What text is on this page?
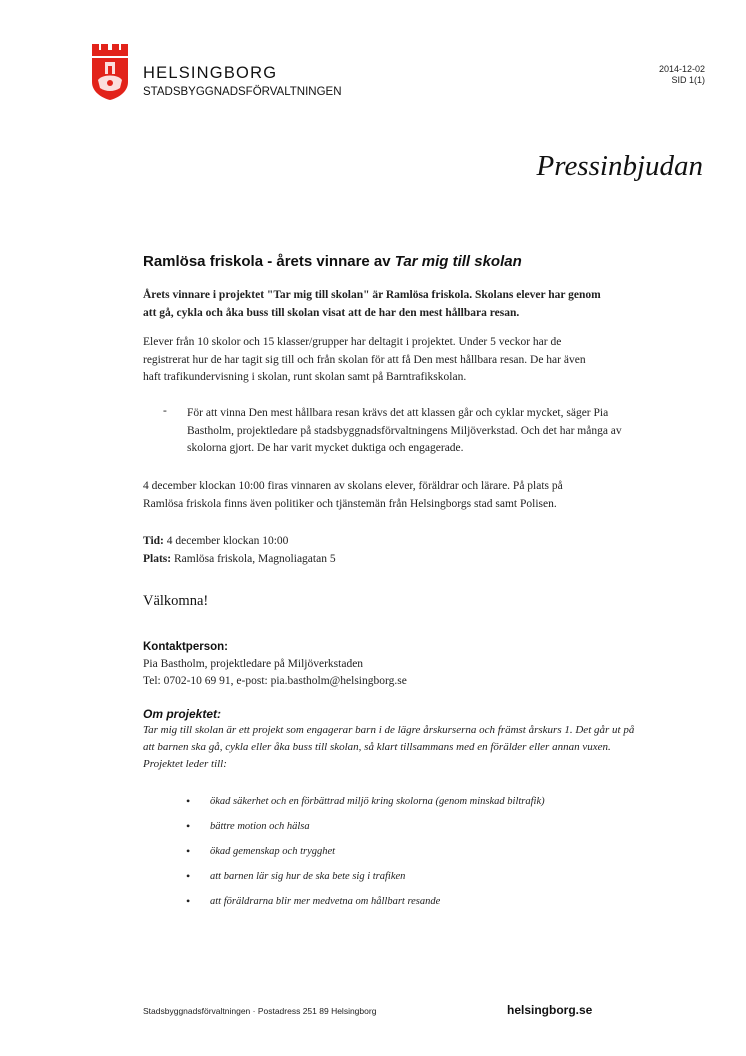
HELSINGBORG
STADSBYGGNADSFÖRVALTNINGEN
2014-12-02
SID 1(1)
Pressinbjudan
Ramlösa friskola - årets vinnare av Tar mig till skolan
Årets vinnare i projektet "Tar mig till skolan" är Ramlösa friskola. Skolans elever har genom att gå, cykla och åka buss till skolan visat att de har den mest hållbara resan.
Elever från 10 skolor och 15 klasser/grupper har deltagit i projektet. Under 5 veckor har de registrerat hur de har tagit sig till och från skolan för att få Den mest hållbara resan. De har även haft trafikundervisning i skolan, runt skolan samt på Barntrafikskolan.
- För att vinna Den mest hållbara resan krävs det att klassen går och cyklar mycket, säger Pia Bastholm, projektledare på stadsbyggnadsförvaltningens Miljöverkstad. Och det har många av skolorna gjort. De har varit mycket duktiga och engagerade.
4 december klockan 10:00 firas vinnaren av skolans elever, föräldrar och lärare. På plats på Ramlösa friskola finns även politiker och tjänstemän från Helsingborgs stad samt Polisen.
Tid: 4 december klockan 10:00
Plats: Ramlösa friskola, Magnoliagatan 5
Välkomna!
Kontaktperson:
Pia Bastholm, projektledare på Miljöverkstaden
Tel: 0702-10 69 91, e-post: pia.bastholm@helsingborg.se
Om projektet:
Tar mig till skolan är ett projekt som engagerar barn i de lägre årskurserna och främst årskurs 1. Det går ut på att barnen ska gå, cykla eller åka buss till skolan, så klart tillsammans med en förälder eller annan vuxen. Projektet leder till:
• ökad säkerhet och en förbättrad miljö kring skolorna (genom minskad biltrafik)
• bättre motion och hälsa
• ökad gemenskap och trygghet
• att barnen lär sig hur de ska bete sig i trafiken
• att föräldrarna blir mer medvetna om hållbart resande
Stadsbyggnadsförvaltningen · Postadress 251 89 Helsingborg	helsingborg.se
